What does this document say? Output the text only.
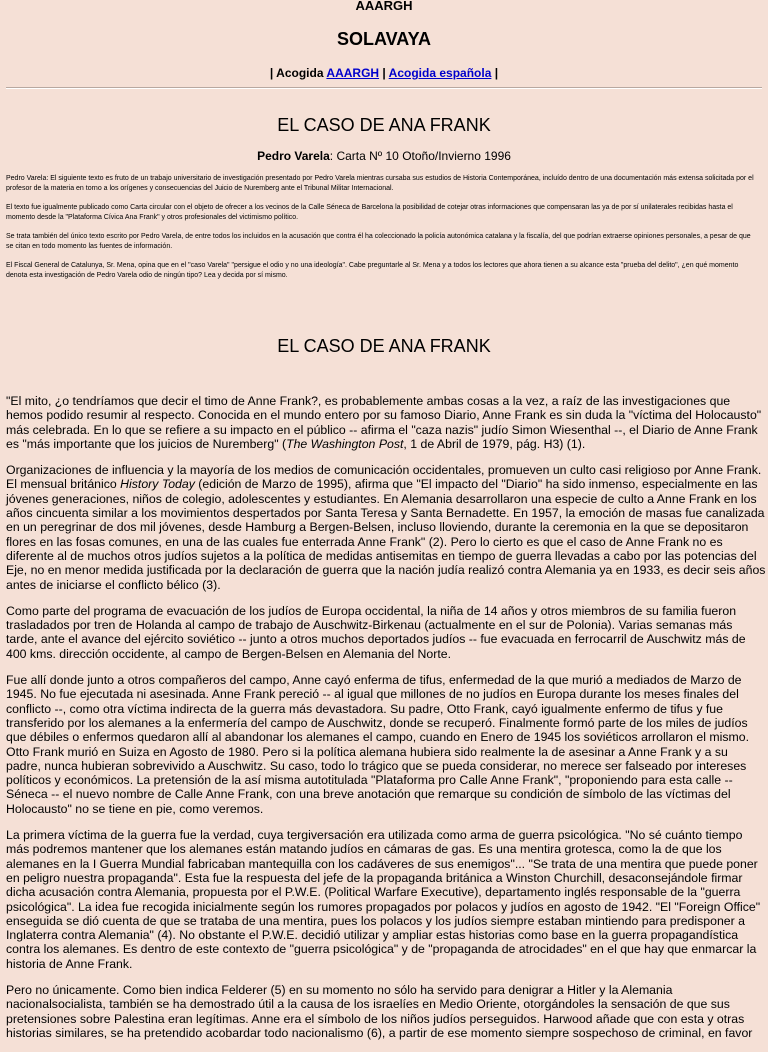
AAARGH
SOLAVAYA
| Acogida AAARGH | Acogida española |
EL CASO DE ANA FRANK
Pedro Varela: Carta Nº 10 Otoño/Invierno 1996

Pedro Varela: El siguiente texto es fruto de un trabajo universitario de investigación presentado por Pedro Varela mientras cursaba sus estudios de Historia Contemporánea, incluído dentro de una documentación más extensa solicitada por el profesor de la materia en torno a los orígenes y consecuencias del Juicio de Nuremberg ante el Tribunal Militar Internacional.

El texto fue igualmente publicado como Carta circular con el objeto de ofrecer a los vecinos de la Calle Séneca de Barcelona la posibilidad de cotejar otras informaciones que compensaran las ya de por sí unilaterales recibidas hasta el momento desde la "Plataforma Cívica Ana Frank" y otros profesionales del victimismo político.

Se trata también del único texto escrito por Pedro Varela, de entre todos los incluidos en la acusación que contra él ha coleccionado la policía autonómica catalana y la fiscalía, del que podrían extraerse opiniones personales, a pesar de que se citan en todo momento las fuentes de información.

El Fiscal General de Catalunya, Sr. Mena, opina que en el "caso Varela" "persigue el odio y no una ideología". Cabe preguntarle al Sr. Mena y a todos los lectores que ahora tienen a su alcance esta "prueba del delito", ¿en qué momento denota esta investigación de Pedro Varela odio de ningún tipo? Lea y decida por sí mismo.

EL CASO DE ANA FRANK

"El mito, ¿o tendríamos que decir el timo de Anne Frank?, es probablemente ambas cosas a la vez, a raíz de las investigaciones que hemos podido resumir al respecto. Conocida en el mundo entero por su famoso Diario, Anne Frank es sin duda la "víctima del Holocausto" más celebrada. En lo que se refiere a su impacto en el público -- afirma el "caza nazis" judío Simon Wiesenthal --, el Diario de Anne Frank es "más importante que los juicios de Nuremberg" (The Washington Post, 1 de Abril de 1979, pág. H3) (1).

Organizaciones de influencia y la mayoría de los medios de comunicación occidentales, promueven un culto casi religioso por Anne Frank. El mensual británico History Today (edición de Marzo de 1995), afirma que "El impacto del "Diario" ha sido inmenso, especialmente en las jóvenes generaciones, niños de colegio, adolescentes y estudiantes. En Alemania desarrollaron una especie de culto a Anne Frank en los años cincuenta similar a los movimientos despertados por Santa Teresa y Santa Bernadette. En 1957, la emoción de masas fue canalizada en un peregrinar de dos mil jóvenes, desde Hamburg a Bergen-Belsen, incluso lloviendo, durante la ceremonia en la que se depositaron flores en las fosas comunes, en una de las cuales fue enterrada Anne Frank" (2). Pero lo cierto es que el caso de Anne Frank no es diferente al de muchos otros judíos sujetos a la política de medidas antisemitas en tiempo de guerra llevadas a cabo por las potencias del Eje, no en menor medida justificada por la declaración de guerra que la nación judía realizó contra Alemania ya en 1933, es decir seis años antes de iniciarse el conflicto bélico (3).

Como parte del programa de evacuación de los judíos de Europa occidental, la niña de 14 años y otros miembros de su familia fueron trasladados por tren de Holanda al campo de trabajo de Auschwitz-Birkenau (actualmente en el sur de Polonia). Varias semanas más tarde, ante el avance del ejército soviético -- junto a otros muchos deportados judíos -- fue evacuada en ferrocarril de Auschwitz más de 400 kms. dirección occidente, al campo de Bergen-Belsen en Alemania del Norte.

Fue allí donde junto a otros compañeros del campo, Anne cayó enferma de tifus, enfermedad de la que murió a mediados de Marzo de 1945. No fue ejecutada ni asesinada. Anne Frank pereció -- al igual que millones de no judíos en Europa durante los meses finales del conflicto --, como otra víctima indirecta de la guerra más devastadora. Su padre, Otto Frank, cayó igualmente enfermo de tifus y fue transferido por los alemanes a la enfermería del campo de Auschwitz, donde se recuperó. Finalmente formó parte de los miles de judíos que débiles o enfermos quedaron allí al abandonar los alemanes el campo, cuando en Enero de 1945 los soviéticos arrollaron el mismo. Otto Frank murió en Suiza en Agosto de 1980. Pero si la política alemana hubiera sido realmente la de asesinar a Anne Frank y a su padre, nunca hubieran sobrevivido a Auschwitz. Su caso, todo lo trágico que se pueda considerar, no merece ser falseado por intereses políticos y económicos. La pretensión de la así misma autotitulada "Plataforma pro Calle Anne Frank", "proponiendo para esta calle -- Séneca -- el nuevo nombre de Calle Anne Frank, con una breve anotación que remarque su condición de símbolo de las víctimas del Holocausto" no se tiene en pie, como veremos.

La primera víctima de la guerra fue la verdad, cuya tergiversación era utilizada como arma de guerra psicológica. "No sé cuánto tiempo más podremos mantener que los alemanes están matando judíos en cámaras de gas. Es una mentira grotesca, como la de que los alemanes en la I Guerra Mundial fabricaban mantequilla con los cadáveres de sus enemigos"... "Se trata de una mentira que puede poner en peligro nuestra propaganda". Esta fue la respuesta del jefe de la propaganda británica a Winston Churchill, desaconsejándole firmar dicha acusación contra Alemania, propuesta por el P.W.E. (Political Warfare Executive), departamento inglés responsable de la "guerra psicológica". La idea fue recogida inicialmente según los rumores propagados por polacos y judíos en agosto de 1942. "El "Foreign Office" enseguida se dió cuenta de que se trataba de una mentira, pues los polacos y los judíos siempre estaban mintiendo para predisponer a Inglaterra contra Alemania" (4). No obstante el P.W.E. decidió utilizar y ampliar estas historias como base en la guerra propagandística contra los alemanes. Es dentro de este contexto de "guerra psicológica" y de "propaganda de atrocidades" en el que hay que enmarcar la historia de Anne Frank.

Pero no únicamente. Como bien indica Felderer (5) en su momento no sólo ha servido para denigrar a Hitler y la Alemania nacionalsocialista, también se ha demostrado útil a la causa de los israelíes en Medio Oriente, otorgándoles la sensación de que sus pretensiones sobre Palestina eran legítimas. Anne era el símbolo de los niños judíos perseguidos. Harwood añade que con esta y otras historias similares, se ha pretendido acobardar todo nacionalismo (6), a partir de ese momento siempre sospechoso de criminal, en favor
